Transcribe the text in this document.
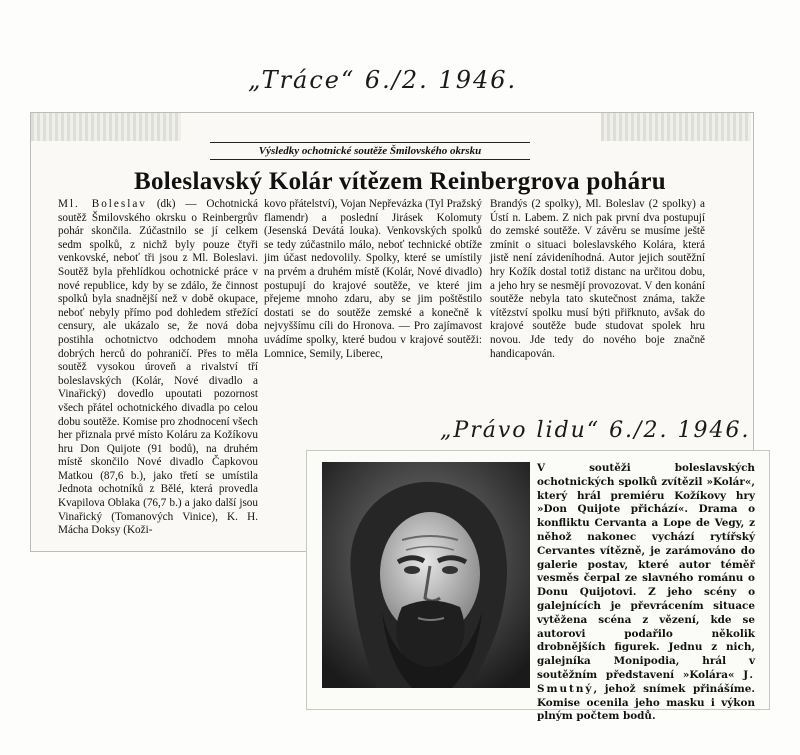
„Tráce“ 6./2. 1946.
Výsledky ochotnické soutěže Šmilovského okrsku
Boleslavský Kolár vítězem Reinbergrova poháru
Ml. Boleslav (dk) — Ochotnická soutěž Šmilovského okrsku o Reinbergrův pohár skončila. Zúčastnilo se jí celkem sedm spolků, z nichž byly pouze čtyři venkovské, neboť tři jsou z Ml. Boleslavi. Soutěž byla přehlídkou ochotnické práce v nové republice, kdy by se zdálo, že činnost spolků byla snadnější než v době okupace, neboť nebyly přímo pod dohledem střežící censury, ale ukázalo se, že nová doba postihla ochotnictvo odchodem mnoha dobrých herců do pohraničí. Přes to měla soutěž vysokou úroveň a rivalství tří boleslavských (Kolár, Nové divadlo a Vinařický) dovedlo upoutati pozornost všech přátel ochotnického divadla po celou dobu soutěže. Komise pro zhodnocení všech her přiznala prvé místo Koláru za Kožíkovu hru Don Quijote (91 bodů), na druhém místě skončilo Nové divadlo Čapkovou Matkou (87,6 b.), jako třetí se umístila Jednota ochotníků z Bělé, která provedla Kvapilova Oblaka (76,7 b.) a jako další jsou Vinařický (Tomanových Vinice), K. H. Mácha Doksy (Koži-
kovo přátelství), Vojan Nepřevázka (Tyl Pražský flamendr) a poslední Jirásek Kolomuty (Jesenská Devátá louka). Venkovských spolků se tedy zúčastnilo málo, neboť technické obtíže jim účast nedovolily. Spolky, které se umístily na prvém a druhém místě (Kolár, Nové divadlo) postupují do krajové soutěže, ve které jim přejeme mnoho zdaru, aby se jim poštěstilo dostati se do soutěže zemské a konečně k nejvyššímu cíli do Hronova. — Pro zajímavost uvádíme spolky, které budou v krajové soutěži: Lomnice, Semily, Liberec,
Brandýs (2 spolky), Ml. Boleslav (2 spolky) a Ústí n. Labem. Z nich pak první dva postupují do zemské soutěže. V závěru se musíme ještě zmínit o situaci boleslavského Kolára, která jistě není závideníhodná. Autor jejich soutěžní hry Kožík dostal totiž distanc na určitou dobu, a jeho hry se nesmějí provozovat. V den konání soutěže nebyla tato skutečnost známa, takže vítězství spolku musí býti přiřknuto, avšak do krajové soutěže bude studovat spolek hru novou. Jde tedy do nového boje značně handicapován.
„Právo lidu“ 6./2. 1946.
V soutěži boleslavských ochotnických spolků zvítězil »Kolár«, který hrál premiéru Kožíkovy hry »Don Quijote přichází«. Drama o konfliktu Cervanta a Lope de Vegy, z něhož nakonec vychází rytířský Cervantes vítězně, je zarámováno do galerie postav, které autor téměř vesměs čerpal ze slavného románu o Donu Quijotovi. Z jeho scény o galejnících je převrácením situace vytěžena scéna z vězení, kde se autorovi podařilo několik drobnějších figurek. Jednu z nich, galejníka Monipodia, hrál v soutěžním představení »Kolára« J. Smutný, jehož snímek přinášíme. Komise ocenila jeho masku i výkon plným počtem bodů.
